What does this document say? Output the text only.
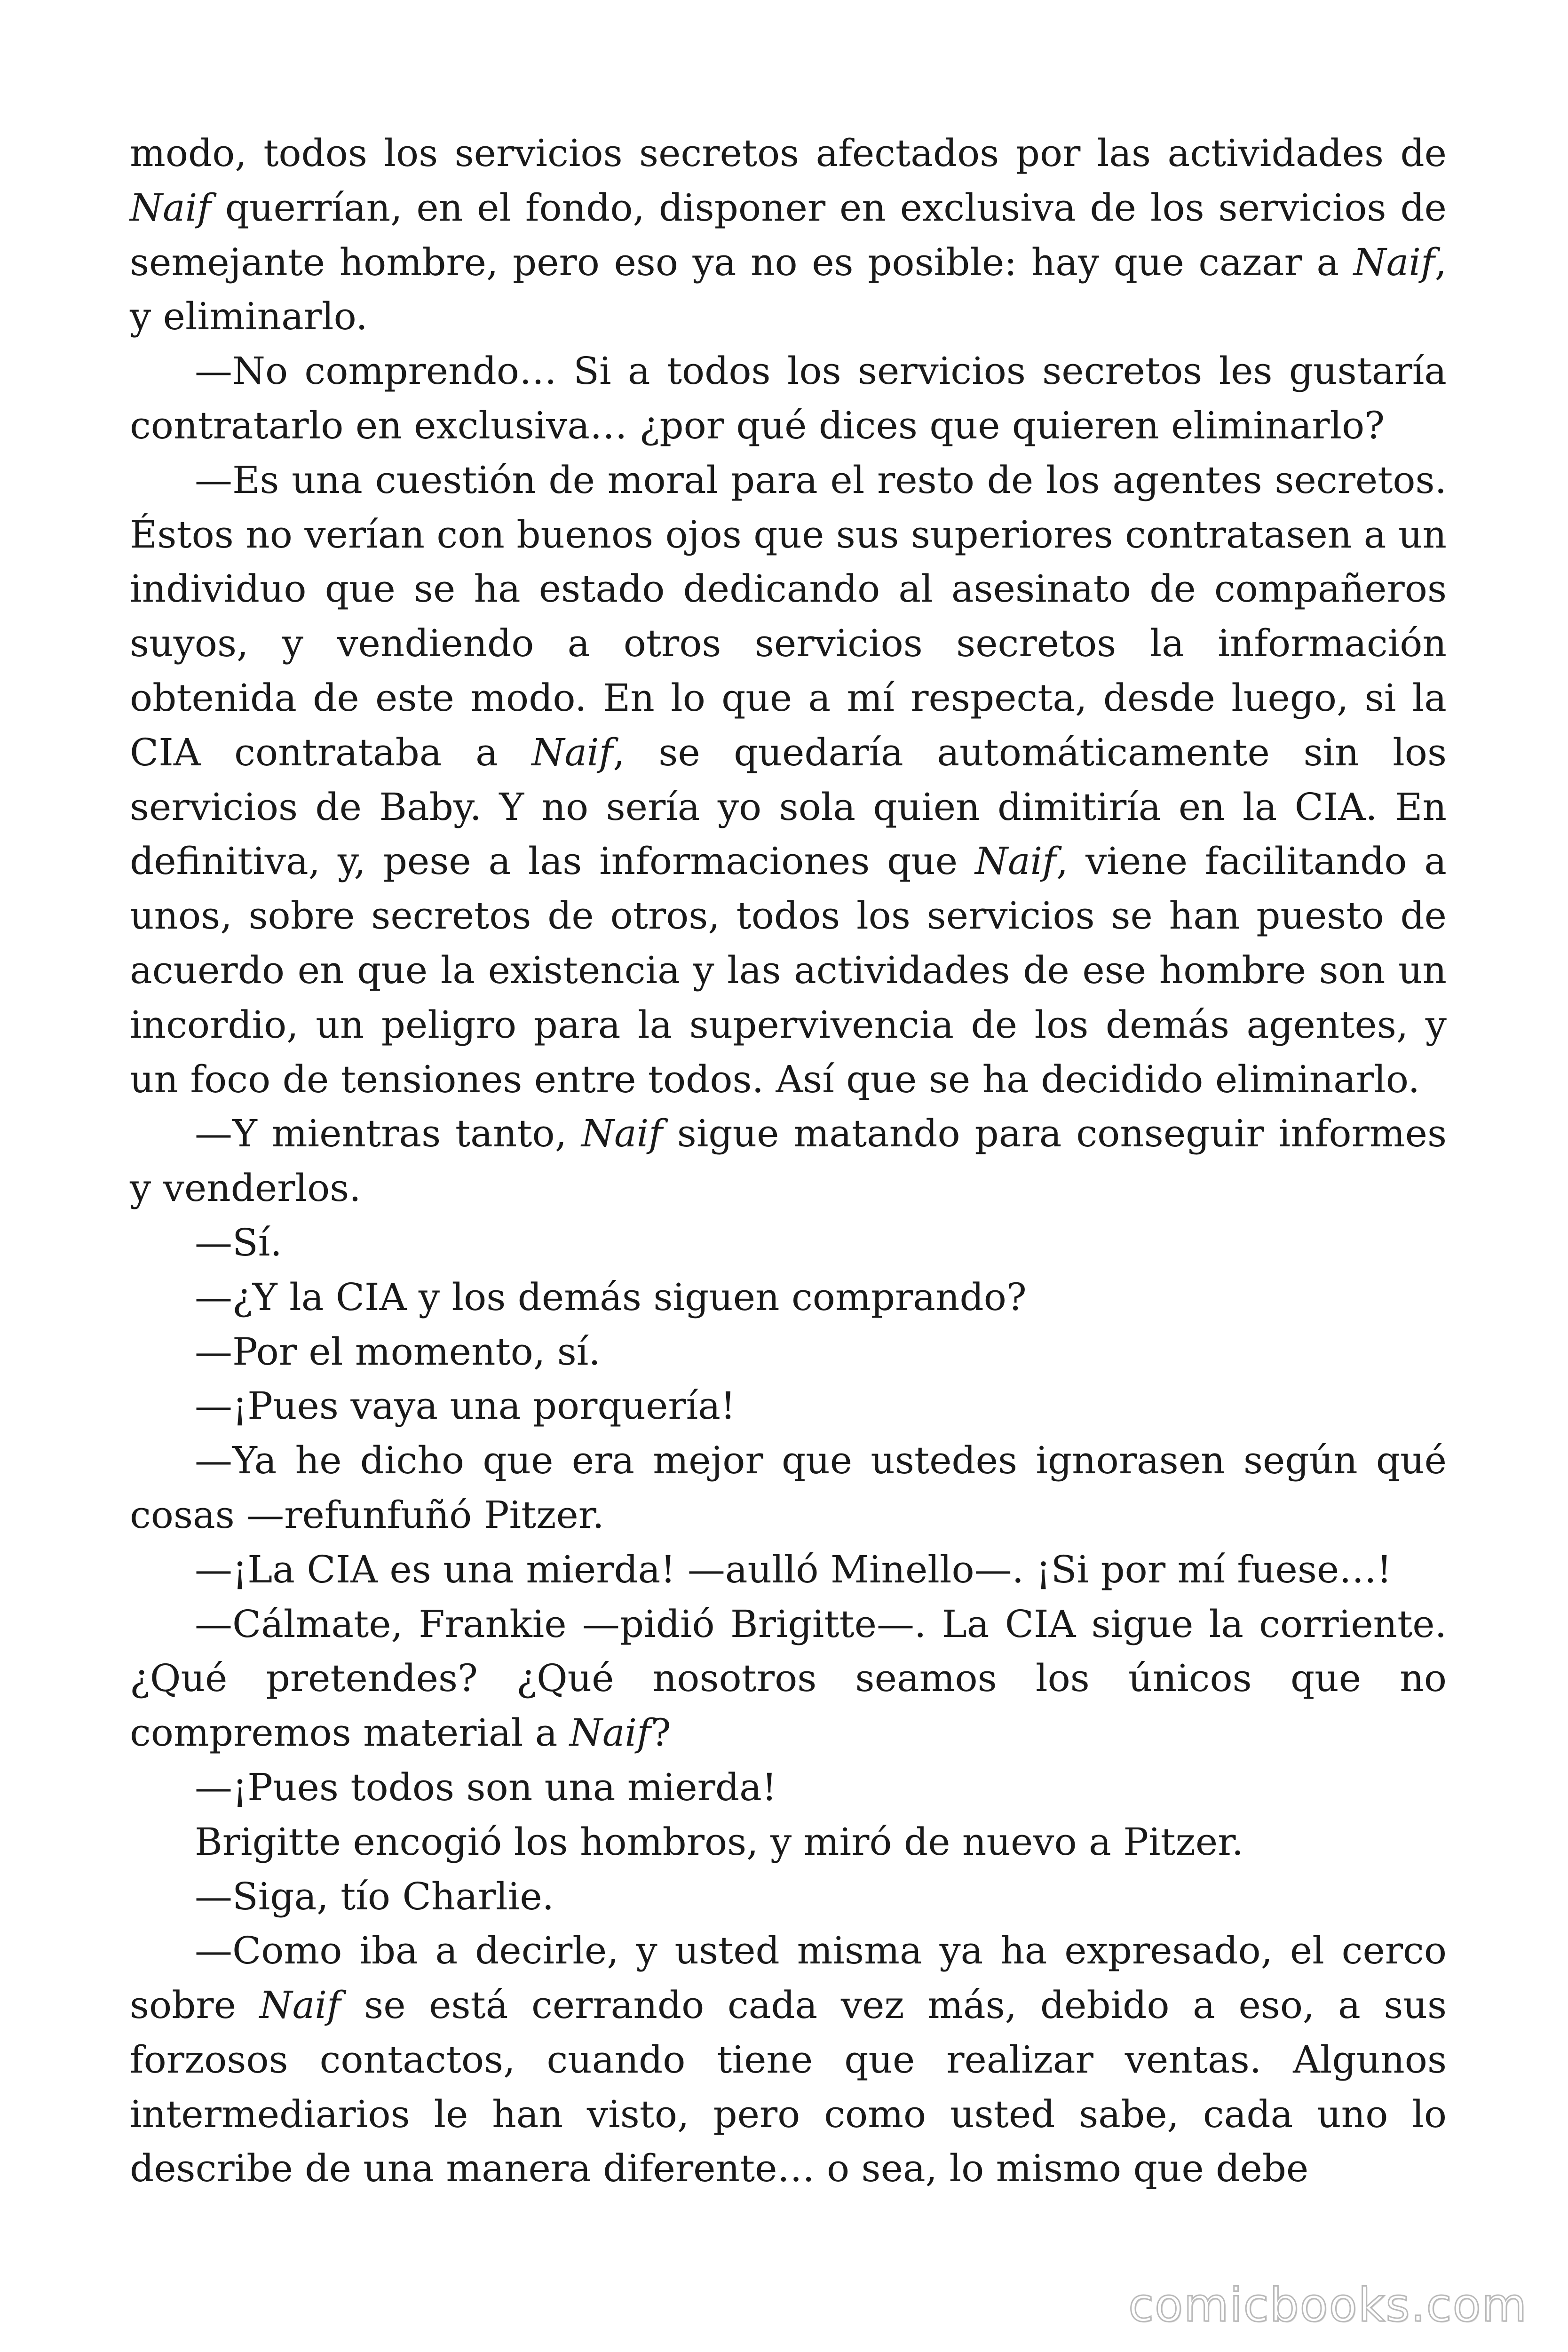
modo, todos los servicios secretos afectados por las actividades de Naif querrían, en el fondo, disponer en exclusiva de los servicios de semejante hombre, pero eso ya no es posible: hay que cazar a Naif, y eliminarlo.

—No comprendo… Si a todos los servicios secretos les gustaría contratarlo en exclusiva… ¿por qué dices que quieren eliminarlo?

—Es una cuestión de moral para el resto de los agentes secretos. Éstos no verían con buenos ojos que sus superiores contratasen a un individuo que se ha estado dedicando al asesinato de compañeros suyos, y vendiendo a otros servicios secretos la información obtenida de este modo. En lo que a mí respecta, desde luego, si la CIA contrataba a Naif, se quedaría automáticamente sin los servicios de Baby. Y no sería yo sola quien dimitiría en la CIA. En definitiva, y, pese a las informaciones que Naif, viene facilitando a unos, sobre secretos de otros, todos los servicios se han puesto de acuerdo en que la existencia y las actividades de ese hombre son un incordio, un peligro para la supervivencia de los demás agentes, y un foco de tensiones entre todos. Así que se ha decidido eliminarlo.

—Y mientras tanto, Naif sigue matando para conseguir informes y venderlos.

—Sí.

—¿Y la CIA y los demás siguen comprando?

—Por el momento, sí.

—¡Pues vaya una porquería!

—Ya he dicho que era mejor que ustedes ignorasen según qué cosas —refunfuñó Pitzer.

—¡La CIA es una mierda! —aulló Minello—. ¡Si por mí fuese…!

—Cálmate, Frankie —pidió Brigitte—. La CIA sigue la corriente. ¿Qué pretendes? ¿Qué nosotros seamos los únicos que no compremos material a Naif?

—¡Pues todos son una mierda!

Brigitte encogió los hombros, y miró de nuevo a Pitzer.

—Siga, tío Charlie.

—Como iba a decirle, y usted misma ya ha expresado, el cerco sobre Naif se está cerrando cada vez más, debido a eso, a sus forzosos contactos, cuando tiene que realizar ventas. Algunos intermediarios le han visto, pero como usted sabe, cada uno lo describe de una manera diferente… o sea, lo mismo que debe

comicbooks.com
